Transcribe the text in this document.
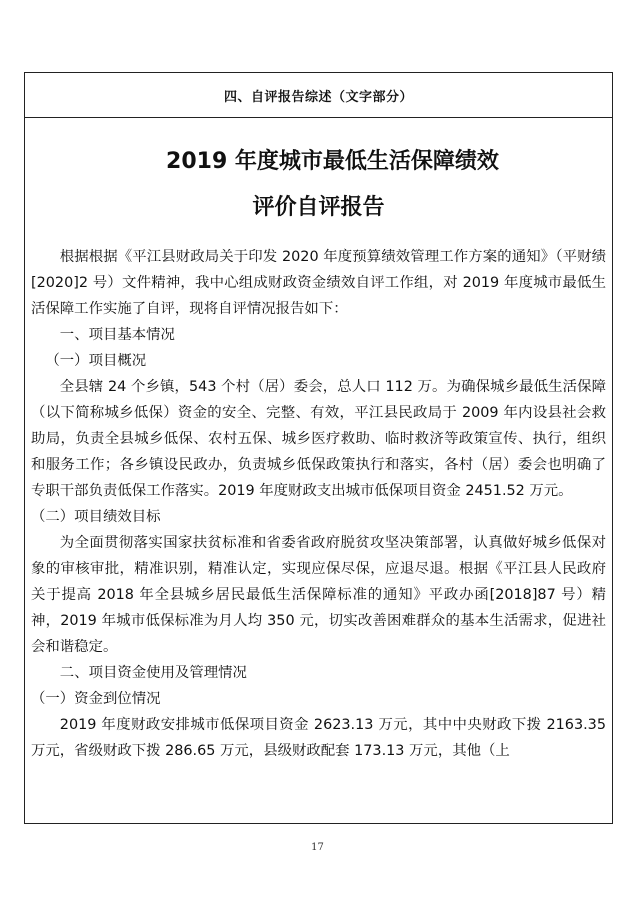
四、自评报告综述（文字部分）
2019 年度城市最低生活保障绩效
评价自评报告

根据根据《平江县财政局关于印发 2020 年度预算绩效管理工作方案的通知》（平财绩[2020]2 号）文件精神，我中心组成财政资金绩效自评工作组，对 2019 年度城市最低生活保障工作实施了自评，现将自评情况报告如下：

一、项目基本情况

（一）项目概况

全县辖 24 个乡镇，543 个村（居）委会，总人口 112 万。为确保城乡最低生活保障（以下简称城乡低保）资金的安全、完整、有效，平江县民政局于 2009 年内设县社会救助局，负责全县城乡低保、农村五保、城乡医疗救助、临时救济等政策宣传、执行，组织和服务工作；各乡镇设民政办，负责城乡低保政策执行和落实，各村（居）委会也明确了专职干部负责低保工作落实。2019 年度财政支出城市低保项目资金 2451.52 万元。

（二）项目绩效目标

为全面贯彻落实国家扶贫标准和省委省政府脱贫攻坚决策部署，认真做好城乡低保对象的审核审批，精准识别，精准认定，实现应保尽保，应退尽退。根据《平江县人民政府关于提高 2018 年全县城乡居民最低生活保障标准的通知》平政办函[2018]87 号）精神，2019 年城市低保标准为月人均 350 元，切实改善困难群众的基本生活需求，促进社会和谐稳定。

二、项目资金使用及管理情况

（一）资金到位情况

2019 年度财政安排城市低保项目资金 2623.13 万元，其中中央财政下拨 2163.35 万元，省级财政下拨 286.65 万元，县级财政配套 173.13 万元，其他（上

17
